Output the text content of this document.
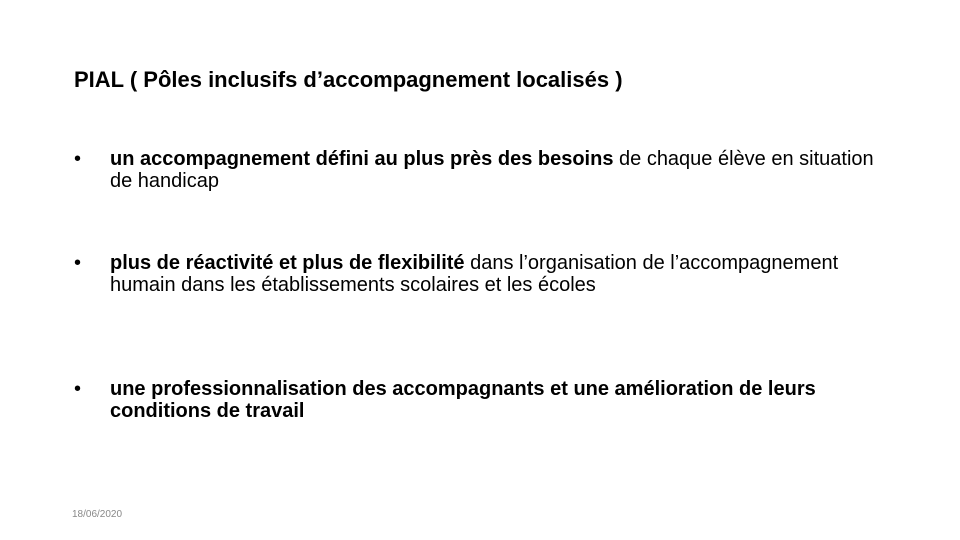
PIAL ( Pôles inclusifs d’accompagnement localisés )
•	un accompagnement défini au plus près des besoins de chaque élève en situation de handicap
•	plus de réactivité et plus de flexibilité dans l’organisation de l’accompagnement humain dans les établissements scolaires et les écoles
•	une professionnalisation des accompagnants et une amélioration de leurs conditions de travail
18/06/2020
